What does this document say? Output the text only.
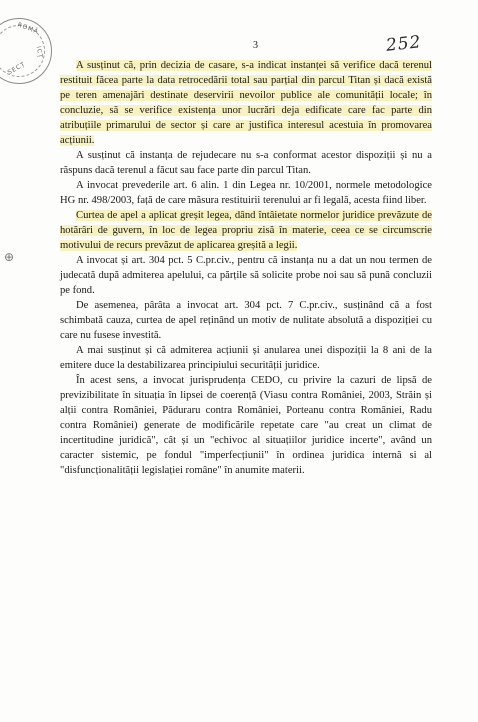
ROMÂ
ICȚ
SECȚ
⊕
3	252

A susținut că, prin decizia de casare, s-a indicat instanței să verifice dacă terenul restituit făcea parte la data retrocedării total sau parțial din parcul Titan și dacă există pe teren amenajări destinate deservirii nevoilor publice ale comunității locale; în concluzie, să se verifice existența unor lucrări deja edificate care fac parte din atribuțiile primarului de sector și care ar justifica interesul acestuia în promovarea acțiunii.

A susținut că instanța de rejudecare nu s-a conformat acestor dispoziții și nu a răspuns dacă terenul a făcut sau face parte din parcul Titan.

A invocat prevederile art. 6 alin. 1 din Legea nr. 10/2001, normele metodologice HG nr. 498/2003, față de care măsura restituirii terenului ar fi legală, acesta fiind liber.

Curtea de apel a aplicat greșit legea, dând întâietate normelor juridice prevăzute de hotărâri de guvern, în loc de legea propriu zisă în materie, ceea ce se circumscrie motivului de recurs prevăzut de aplicarea greșită a legii.

A invocat și art. 304 pct. 5 C.pr.civ., pentru că instanța nu a dat un nou termen de judecată după admiterea apelului, ca părțile să solicite probe noi sau să pună concluzii pe fond.

De asemenea, pârâta a invocat art. 304 pct. 7 C.pr.civ., susținând că a fost schimbată cauza, curtea de apel reținând un motiv de nulitate absolută a dispoziției cu care nu fusese investită.

A mai susținut și că admiterea acțiunii și anularea unei dispoziții la 8 ani de la emitere duce la destabilizarea principiului securității juridice.

În acest sens, a invocat jurisprudența CEDO, cu privire la cazuri de lipsă de previzibilitate în situația în lipsei de coerență (Viasu contra României, 2003, Străin și alții contra României, Păduraru contra României, Porteanu contra României, Radu contra României) generate de modificările repetate care "au creat un climat de incertitudine juridică", cât și un "echivoc al situațiilor juridice incerte", având un caracter sistemic, pe fondul "imperfecțiunii" în ordinea juridica internă si al "disfuncționalității legislației române" în anumite materii.
